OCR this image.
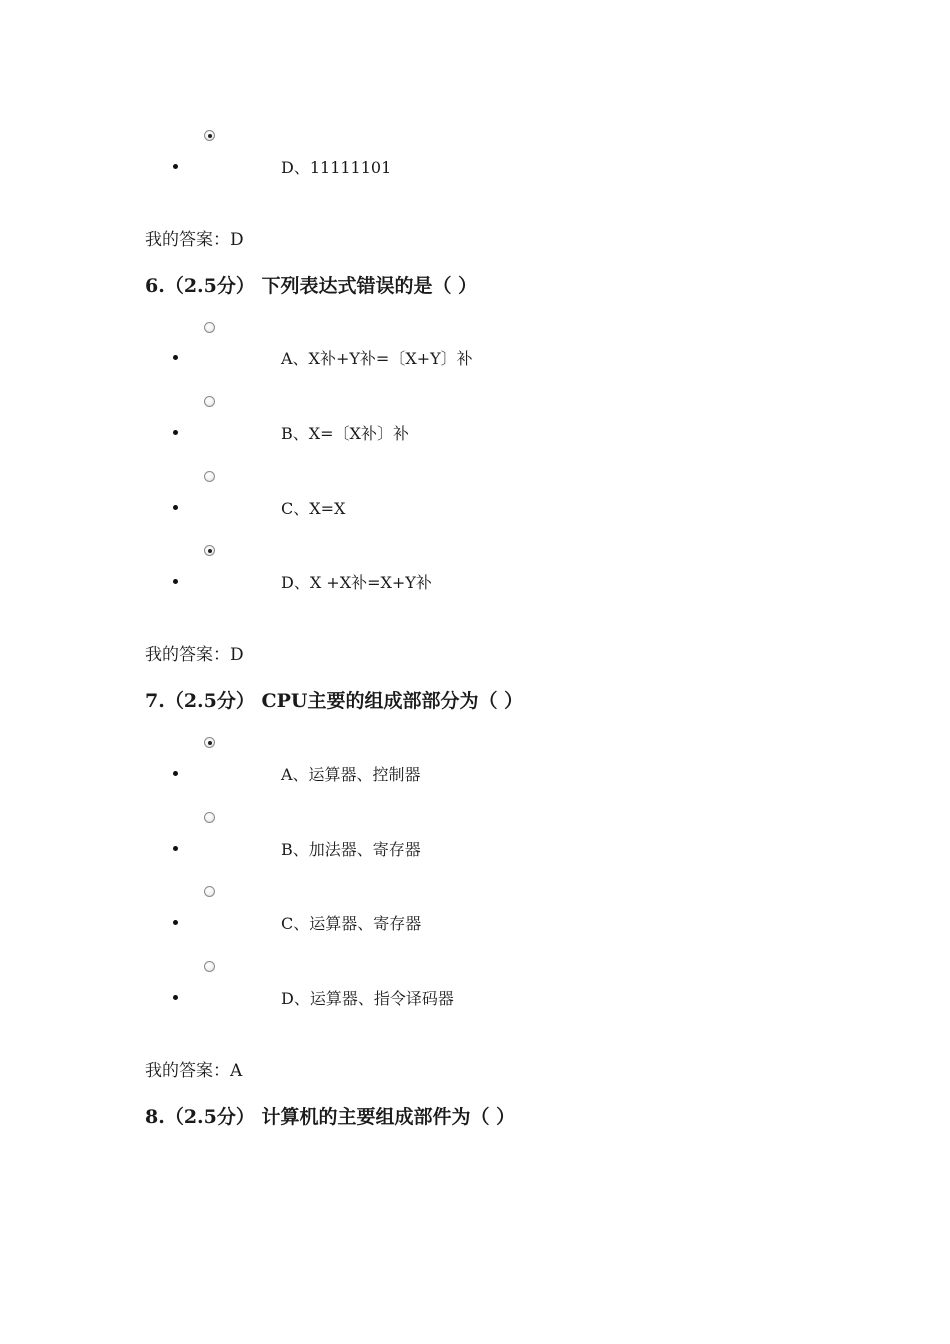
D、11111101
我的答案：D
6.（2.5分） 下列表达式错误的是（ ）
A、X补+Y补=〔X+Y〕补
B、X=〔X补〕补
C、X=X
D、X +X补=X+Y补
我的答案：D
7.（2.5分） CPU主要的组成部部分为（ ）
A、运算器、控制器
B、加法器、寄存器
C、运算器、寄存器
D、运算器、指令译码器
我的答案：A
8.（2.5分） 计算机的主要组成部件为（ ）
